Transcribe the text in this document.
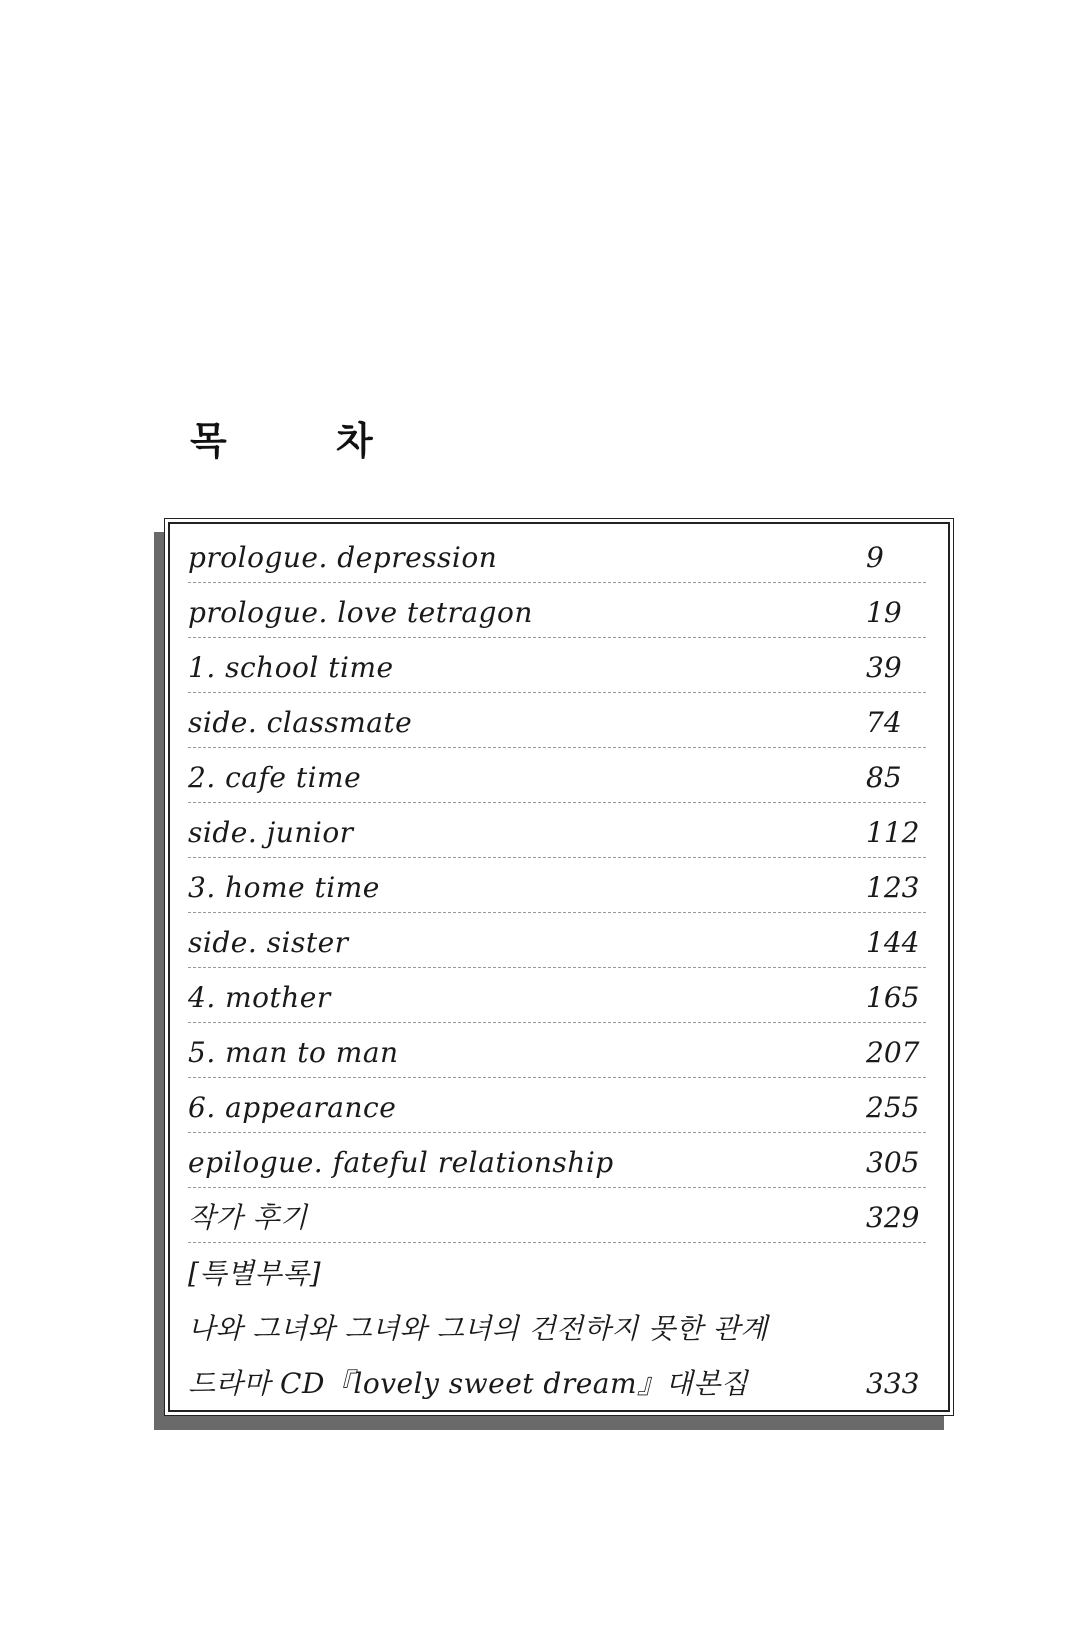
목 차
prologue. depression	9
prologue. love tetragon	19
1. school time	39
side. classmate	74
2. cafe time	85
side. junior	112
3. home time	123
side. sister	144
4. mother	165
5. man to man	207
6. appearance	255
epilogue. fateful relationship	305
작가 후기	329
[특별부록]
나와 그녀와 그녀와 그녀의 건전하지 못한 관계
드라마 CD『lovely sweet dream』대본집	333
